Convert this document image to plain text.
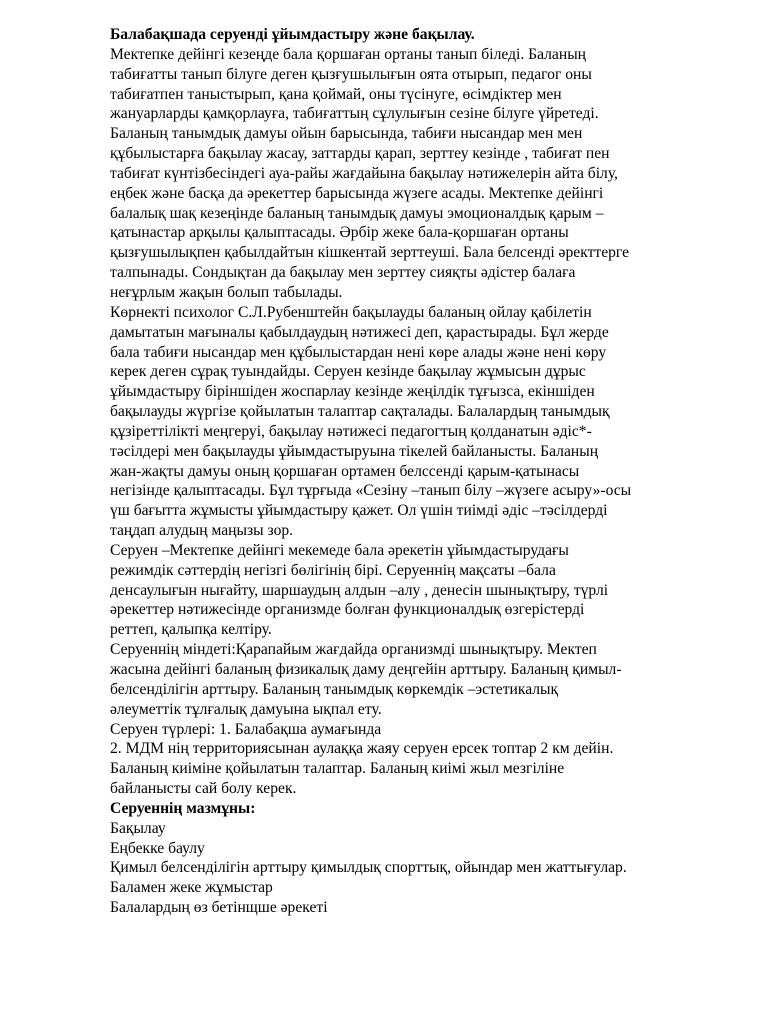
Балабақшада серуенді ұйымдастыру және бақылау.
Мектепке дейінгі кезеңде бала қоршаған ортаны танып біледі. Баланың
табиғатты танып білуге деген қызғушылығын оята отырып, педагог оны
табиғатпен таныстырып, қана қоймай, оны түсінуге, өсімдіктер мен
жануарларды қамқорлауға, табиғаттың сұлулығын сезіне білуге үйретеді.
Баланың танымдық дамуы ойын барысында, табиғи нысандар мен мен
құбылыстарға бақылау жасау, заттарды қарап, зерттеу кезінде , табиғат пен
табиғат күнтізбесіндегі ауа-райы жағдайына бақылау нәтижелерін айта білу,
еңбек және басқа да әрекеттер барысында жүзеге асады. Мектепке дейінгі
балалық шақ кезеңінде баланың танымдық дамуы эмоционалдық қарым –
қатынастар арқылы қалыптасады. Әрбір жеке бала-қоршаған ортаны
қызғушылықпен қабылдайтын кішкентай зерттеуші. Бала белсенді әректтерге
талпынады. Сондықтан да бақылау мен зерттеу сияқты әдістер балаға
неғұрлым жақын болып табылады.
Көрнекті психолог С.Л.Рубенштейн бақылауды баланың ойлау қабілетін
дамытатын мағыналы қабылдаудың нәтижесі деп, қарастырады. Бұл жерде
бала табиғи нысандар мен құбылыстардан нені көре алады және нені көру
керек деген сұрақ туындайды. Серуен кезінде бақылау жұмысын дұрыс
ұйымдастыру біріншіден жоспарлау кезінде жеңілдік тұғызса, екіншіден
бақылауды жүргізе қойылатын талаптар сақталады. Балалардың танымдық
құзіреттілікті меңгеруі, бақылау нәтижесі педагогтың қолданатын әдіс*-
тәсілдері мен бақылауды ұйымдастыруына тікелей байланысты. Баланың
жан-жақты дамуы оның қоршаған ортамен белссенді қарым-қатынасы
негізінде қалыптасады. Бұл тұрғыда «Сезіну –танып білу –жүзеге асыру»-осы
үш бағытта жұмысты ұйымдастыру қажет. Ол үшін тиімді әдіс –тәсілдерді
таңдап алудың маңызы зор.
Серуен –Мектепке дейінгі мекемеде бала әрекетін ұйымдастырудағы
режимдік сәттердің негізгі бөлігінің бірі. Серуеннің мақсаты –бала
денсаулығын нығайту, шаршаудың алдын –алу , денесін шынықтыру, түрлі
әрекеттер нәтижесінде организмде болған функционалдық өзгерістерді
реттеп, қалыпқа келтіру.
Серуеннің міндеті:Қарапайым жағдайда организмді шынықтыру. Мектеп
жасына дейінгі баланың физикалық даму деңгейін арттыру. Баланың қимыл-
белсенділігін арттыру. Баланың танымдық көркемдік –эстетикалық
әлеуметтік тұлғалық дамуына ықпал ету.
Серуен түрлері: 1. Балабақша аумағында
2. МДМ нің территориясынан аулаққа жаяу серуен ерсек топтар 2 км дейін.
Баланың киіміне қойылатын талаптар. Баланың киімі жыл мезгіліне
байланысты сай болу керек.
Серуеннің мазмұны:
Бақылау
Еңбекке баулу
Қимыл белсенділігін арттыру қимылдық спорттық, ойындар мен жаттығулар.
Баламен жеке жұмыстар
Балалардың өз бетінщше әрекеті
